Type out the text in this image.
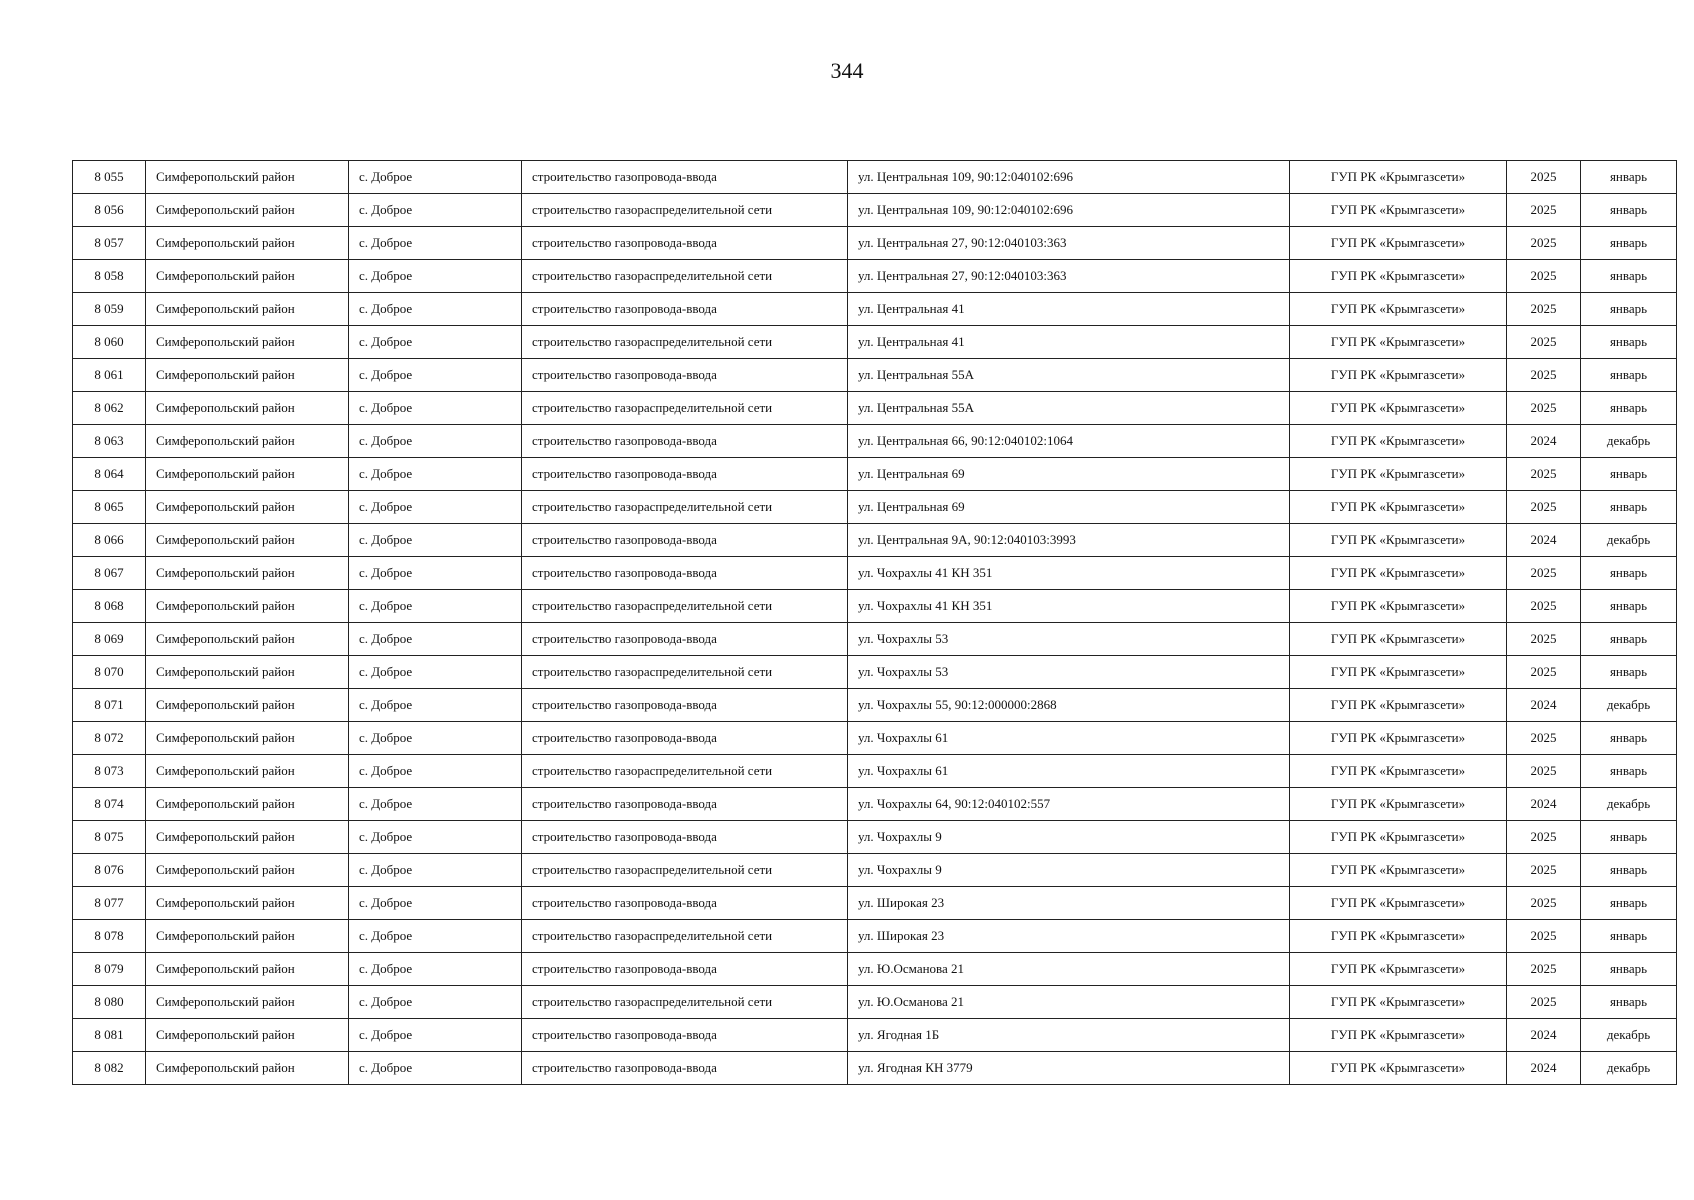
344
8 055	Симферопольский район	с. Доброе	строительство газопровода-ввода	ул. Центральная 109, 90:12:040102:696	ГУП РК «Крымгазсети»	2025	январь
8 056	Симферопольский район	с. Доброе	строительство газораспределительной сети	ул. Центральная 109, 90:12:040102:696	ГУП РК «Крымгазсети»	2025	январь
8 057	Симферопольский район	с. Доброе	строительство газопровода-ввода	ул. Центральная 27, 90:12:040103:363	ГУП РК «Крымгазсети»	2025	январь
8 058	Симферопольский район	с. Доброе	строительство газораспределительной сети	ул. Центральная 27, 90:12:040103:363	ГУП РК «Крымгазсети»	2025	январь
8 059	Симферопольский район	с. Доброе	строительство газопровода-ввода	ул. Центральная 41	ГУП РК «Крымгазсети»	2025	январь
8 060	Симферопольский район	с. Доброе	строительство газораспределительной сети	ул. Центральная 41	ГУП РК «Крымгазсети»	2025	январь
8 061	Симферопольский район	с. Доброе	строительство газопровода-ввода	ул. Центральная 55А	ГУП РК «Крымгазсети»	2025	январь
8 062	Симферопольский район	с. Доброе	строительство газораспределительной сети	ул. Центральная 55А	ГУП РК «Крымгазсети»	2025	январь
8 063	Симферопольский район	с. Доброе	строительство газопровода-ввода	ул. Центральная 66, 90:12:040102:1064	ГУП РК «Крымгазсети»	2024	декабрь
8 064	Симферопольский район	с. Доброе	строительство газопровода-ввода	ул. Центральная 69	ГУП РК «Крымгазсети»	2025	январь
8 065	Симферопольский район	с. Доброе	строительство газораспределительной сети	ул. Центральная 69	ГУП РК «Крымгазсети»	2025	январь
8 066	Симферопольский район	с. Доброе	строительство газопровода-ввода	ул. Центральная 9А, 90:12:040103:3993	ГУП РК «Крымгазсети»	2024	декабрь
8 067	Симферопольский район	с. Доброе	строительство газопровода-ввода	ул. Чохрахлы 41 КН 351	ГУП РК «Крымгазсети»	2025	январь
8 068	Симферопольский район	с. Доброе	строительство газораспределительной сети	ул. Чохрахлы 41 КН 351	ГУП РК «Крымгазсети»	2025	январь
8 069	Симферопольский район	с. Доброе	строительство газопровода-ввода	ул. Чохрахлы 53	ГУП РК «Крымгазсети»	2025	январь
8 070	Симферопольский район	с. Доброе	строительство газораспределительной сети	ул. Чохрахлы 53	ГУП РК «Крымгазсети»	2025	январь
8 071	Симферопольский район	с. Доброе	строительство газопровода-ввода	ул. Чохрахлы 55, 90:12:000000:2868	ГУП РК «Крымгазсети»	2024	декабрь
8 072	Симферопольский район	с. Доброе	строительство газопровода-ввода	ул. Чохрахлы 61	ГУП РК «Крымгазсети»	2025	январь
8 073	Симферопольский район	с. Доброе	строительство газораспределительной сети	ул. Чохрахлы 61	ГУП РК «Крымгазсети»	2025	январь
8 074	Симферопольский район	с. Доброе	строительство газопровода-ввода	ул. Чохрахлы 64, 90:12:040102:557	ГУП РК «Крымгазсети»	2024	декабрь
8 075	Симферопольский район	с. Доброе	строительство газопровода-ввода	ул. Чохрахлы 9	ГУП РК «Крымгазсети»	2025	январь
8 076	Симферопольский район	с. Доброе	строительство газораспределительной сети	ул. Чохрахлы 9	ГУП РК «Крымгазсети»	2025	январь
8 077	Симферопольский район	с. Доброе	строительство газопровода-ввода	ул. Широкая 23	ГУП РК «Крымгазсети»	2025	январь
8 078	Симферопольский район	с. Доброе	строительство газораспределительной сети	ул. Широкая 23	ГУП РК «Крымгазсети»	2025	январь
8 079	Симферопольский район	с. Доброе	строительство газопровода-ввода	ул. Ю.Османова 21	ГУП РК «Крымгазсети»	2025	январь
8 080	Симферопольский район	с. Доброе	строительство газораспределительной сети	ул. Ю.Османова 21	ГУП РК «Крымгазсети»	2025	январь
8 081	Симферопольский район	с. Доброе	строительство газопровода-ввода	ул. Ягодная 1Б	ГУП РК «Крымгазсети»	2024	декабрь
8 082	Симферопольский район	с. Доброе	строительство газопровода-ввода	ул. Ягодная КН 3779	ГУП РК «Крымгазсети»	2024	декабрь
